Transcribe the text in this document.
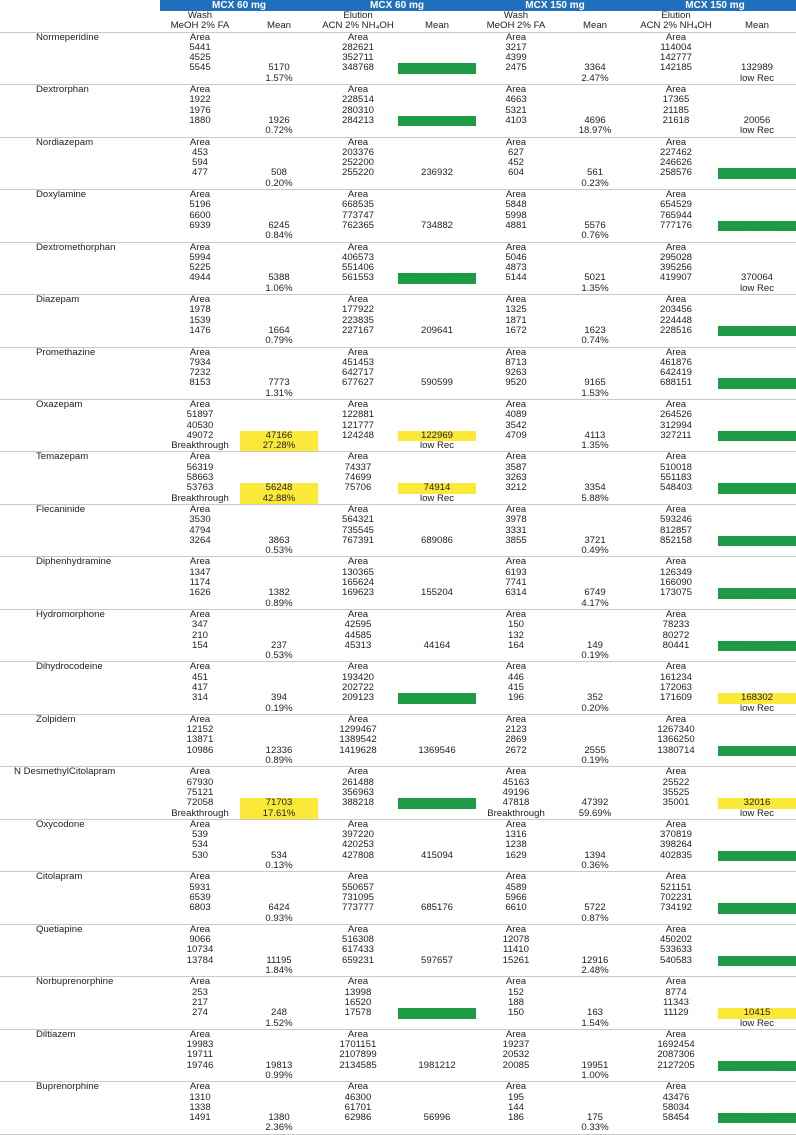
	MCX 60 mg		MCX 60 mg		MCX 150 mg		MCX 150 mg	
	Wash		Elution		Wash		Elution	
	MeOH 2% FA	Mean	ACN 2% NH₄OH	Mean	MeOH 2% FA	Mean	ACN 2% NH₄OH	Mean
Normeperidine	Area		Area		Area		Area	
	5441		282621		3217		114004	
	4525		352711		4399		142777	
	5545	5170	348768	328033	2475	3364	142185	132989
		1.57%				2.47%		low Rec
Dextrorphan	Area		Area		Area		Area	
	1922		228514		4663		17365	
	1976		280310		5321		21185	
	1880	1926	284213	264346	4103	4696	21618	20056
		0.72%				18.97%		low Rec
Nordiazepam	Area		Area		Area		Area	
	453		203376		627		227462	
	594		252200		452		246626	
	477	508	255220	236932	604	561	258576	244221
		0.20%				0.23%		
Doxylamine	Area		Area		Area		Area	
	5196		668535		5848		654529	
	6600		773747		5998		765944	
	6939	6245	762365	734882	4881	5576	777176	732550
		0.84%				0.76%		
Dextromethorphan	Area		Area		Area		Area	
	5994		406573		5046		295028	
	5225		551406		4873		395256	
	4944	5388	561553	506511	5144	5021	419907	370064
		1.06%				1.35%		low Rec
Diazepam	Area		Area		Area		Area	
	1978		177922		1325		203456	
	1539		223835		1871		224448	
	1476	1664	227167	209641	1672	1623	228516	218807
		0.79%				0.74%		
Promethazine	Area		Area		Area		Area	
	7934		451453		8713		461876	
	7232		642717		9263		642419	
	8153	7773	677627	590599	9520	9165	688151	597482
		1.31%				1.53%		
Oxazepam	Area		Area		Area		Area	
	51897		122881		4089		264526	
	40530		121777		3542		312994	
	49072	47166	124248	122969	4709	4113	327211	301577
	Breakthrough	27.28%		low Rec		1.35%		
Temazepam	Area		Area		Area		Area	
	56319		74337		3587		510018	
	58663		74699		3263		551183	
	53763	56248	75706	74914	3212	3354	548403	536535
	Breakthrough	42.88%		low Rec		5.88%		
Flecaninide	Area		Area		Area		Area	
	3530		564321		3978		593246	
	4794		735545		3331		812857	
	3264	3863	767391	689086	3855	3721	852158	752754
		0.53%				0.49%		
Diphenhydramine	Area		Area		Area		Area	
	1347		130365		6193		126349	
	1174		165624		7741		166090	
	1626	1382	169623	155204	6314	6749	173075	155171
		0.89%				4.17%		
Hydromorphone	Area		Area		Area		Area	
	347		42595		150		78233	
	210		44585		132		80272	
	154	237	45313	44164	164	149	80441	79649
		0.53%				0.19%		
Dihydrocodeine	Area		Area		Area		Area	
	451		193420		446		161234	
	417		202722		415		172063	
	314	394	209123	201755	196	352	171609	168302
		0.19%				0.20%		low Rec
Zolpidem	Area		Area		Area		Area	
	12152		1299467		2123		1267340	
	13871		1389542		2869		1366250	
	10986	12336	1419628	1369546	2672	2555	1380714	1338101
		0.89%				0.19%		
N DesmethylCitolapram	Area		Area		Area		Area	
	67930		261488		45163		25522	
	75121		356963		49196		35525	
	72058	71703	388218	335556	47818	47392	35001	32016
	Breakthrough	17.61%			Breakthrough	59.69%		low Rec
Oxycodone	Area		Area		Area		Area	
	539		397220		1316		370819	
	534		420253		1238		398264	
	530	534	427808	415094	1629	1394	402835	390639
		0.13%				0.36%		
Citolapram	Area		Area		Area		Area	
	5931		550657		4589		521151	
	6539		731095		5966		702231	
	6803	6424	773777	685176	6610	5722	734192	652525
		0.93%				0.87%		
Quetiapine	Area		Area		Area		Area	
	9066		516308		12078		450202	
	10734		617433		11410		533633	
	13784	11195	659231	597657	15261	12916	540583	508139
		1.84%				2.48%		
Norbuprenorphine	Area		Area		Area		Area	
	253		13998		152		8774	
	217		16520		188		11343	
	274	248	17578	16032	150	163	11129	10415
		1.52%				1.54%		low Rec
Diltiazem	Area		Area		Area		Area	
	19983		1701151		19237		1692454	
	19711		2107899		20532		2087306	
	19746	19813	2134585	1981212	20085	19951	2127205	1968988
		0.99%				1.00%		
Buprenorphine	Area		Area		Area		Area	
	1310		46300		195		43476	
	1338		61701		144		58034	
	1491	1380	62986	56996	186	175	58454	53321
		2.36%				0.33%		
